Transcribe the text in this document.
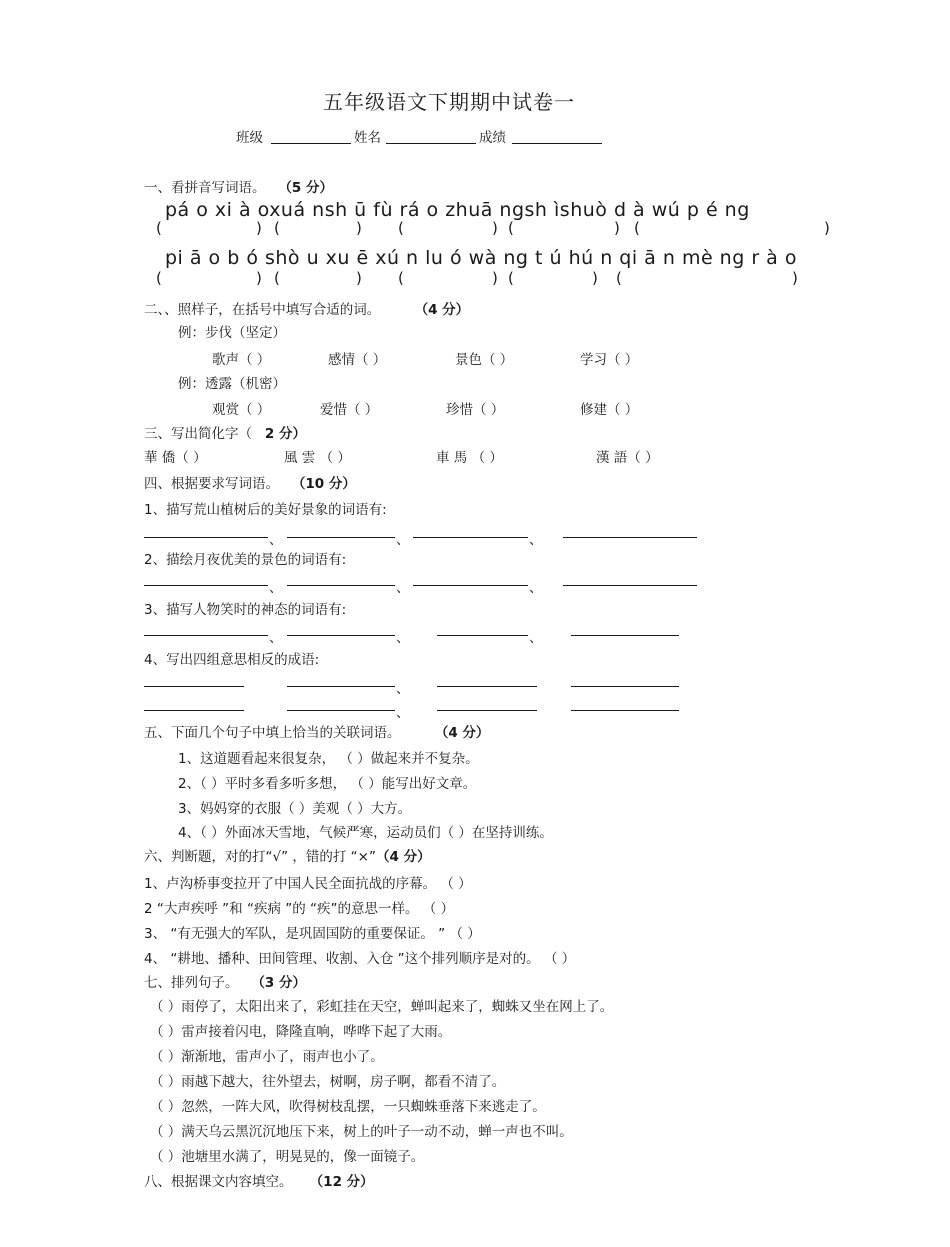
五年级语文下期期中试卷一
班级	姓名	成绩
一、看拼音写词语。 （5 分）
pá o xi à oxuá nsh ū fù rá o zhuā ngsh ìshuò d à wú p é ng
(	) (	) (	) (	) (	)
pi ā o b ó shò u xu ē xú n lu ó wà ng t ú hú n qi ā n mè ng r à o
(	) (	) (	) (	) (	)
二、、照样子，在括号中填写合适的词。	（4 分）
例：步伐（坚定）
歌声（ ）	感情（ ）	景色（ ）	学习（ ）
例：透露（机密）
观赏（ ）	爱惜（ ）	珍惜（ ）	修建（ ）
三、写出简化字（ 2 分）
華 僑（ ）	風 雲 （ ）	車 馬 （ ）	漢 語（ ）
四、根据要求写词语。 （10 分）
1、描写荒山植树后的美好景象的词语有:
、	、	、
2、描绘月夜优美的景色的词语有:
、	、	、
3、描写人物笑时的神态的词语有:
、	、	、
4、写出四组意思相反的成语:
、
、
五、下面几个句子中填上恰当的关联词语。	（4 分）
1、这道题看起来很复杂， （ ）做起来并不复杂。
2、（ ）平时多看多听多想， （ ）能写出好文章。
3、妈妈穿的衣服（ ）美观（ ）大方。
4、（ ）外面冰天雪地，气候严寒，运动员们（ ）在坚持训练。
六、判断题，对的打“√” ，错的打 “×”（4 分）
1、卢沟桥事变拉开了中国人民全面抗战的序幕。 （ ）
2 “大声疾呼 ”和 “疾病 ”的 “疾”的意思一样。 （ ）
3、 “有无强大的军队，是巩固国防的重要保证。 ” （ ）
4、 “耕地、播种、田间管理、收割、入仓 ”这个排列顺序是对的。 （ ）
七、排列句子。 （3 分）
（ ）雨停了，太阳出来了，彩虹挂在天空，蝉叫起来了，蜘蛛又坐在网上了。
（ ）雷声接着闪电，降隆直响，哗哗下起了大雨。
（ ）渐渐地，雷声小了，雨声也小了。
（ ）雨越下越大，往外望去，树啊，房子啊，都看不清了。
（ ）忽然，一阵大风，吹得树枝乱摆，一只蜘蛛垂落下来逃走了。
（ ）满天乌云黑沉沉地压下来，树上的叶子一动不动，蝉一声也不叫。
（ ）池塘里水满了，明晃晃的，像一面镜子。
八、根据课文内容填空。 （12 分）
